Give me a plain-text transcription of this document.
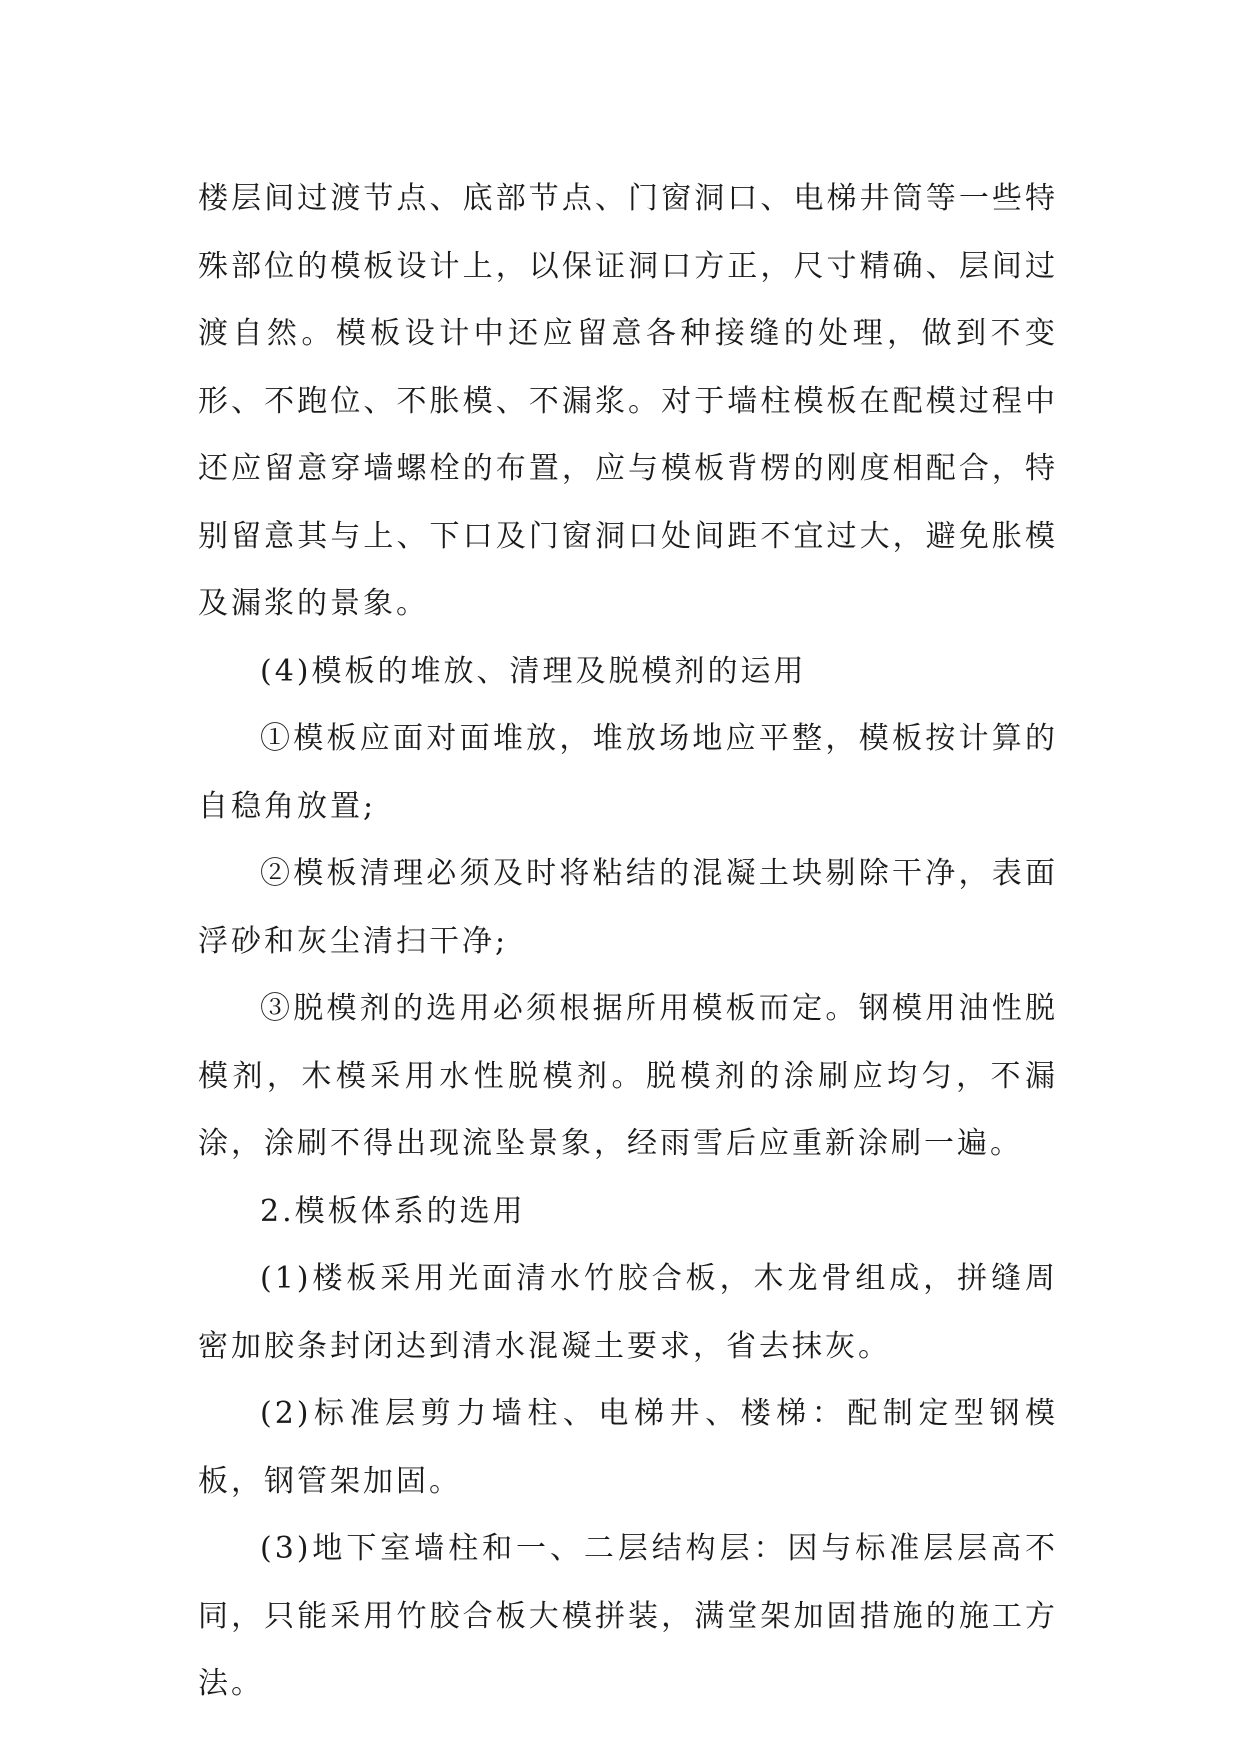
楼层间过渡节点、底部节点、门窗洞口、电梯井筒等一些特殊部位的模板设计上，以保证洞口方正，尺寸精确、层间过渡自然。模板设计中还应留意各种接缝的处理，做到不变形、不跑位、不胀模、不漏浆。对于墙柱模板在配模过程中还应留意穿墙螺栓的布置，应与模板背楞的刚度相配合，特别留意其与上、下口及门窗洞口处间距不宜过大，避免胀模及漏浆的景象。

(4)模板的堆放、清理及脱模剂的运用

①模板应面对面堆放，堆放场地应平整，模板按计算的自稳角放置;

②模板清理必须及时将粘结的混凝土块剔除干净，表面浮砂和灰尘清扫干净;

③脱模剂的选用必须根据所用模板而定。钢模用油性脱模剂，木模采用水性脱模剂。脱模剂的涂刷应均匀，不漏涂，涂刷不得出现流坠景象，经雨雪后应重新涂刷一遍。

2.模板体系的选用

(1)楼板采用光面清水竹胶合板，木龙骨组成，拼缝周密加胶条封闭达到清水混凝土要求，省去抹灰。

(2)标准层剪力墙柱、电梯井、楼梯：配制定型钢模板，钢管架加固。

(3)地下室墙柱和一、二层结构层：因与标准层层高不同，只能采用竹胶合板大模拼装，满堂架加固措施的施工方法。
